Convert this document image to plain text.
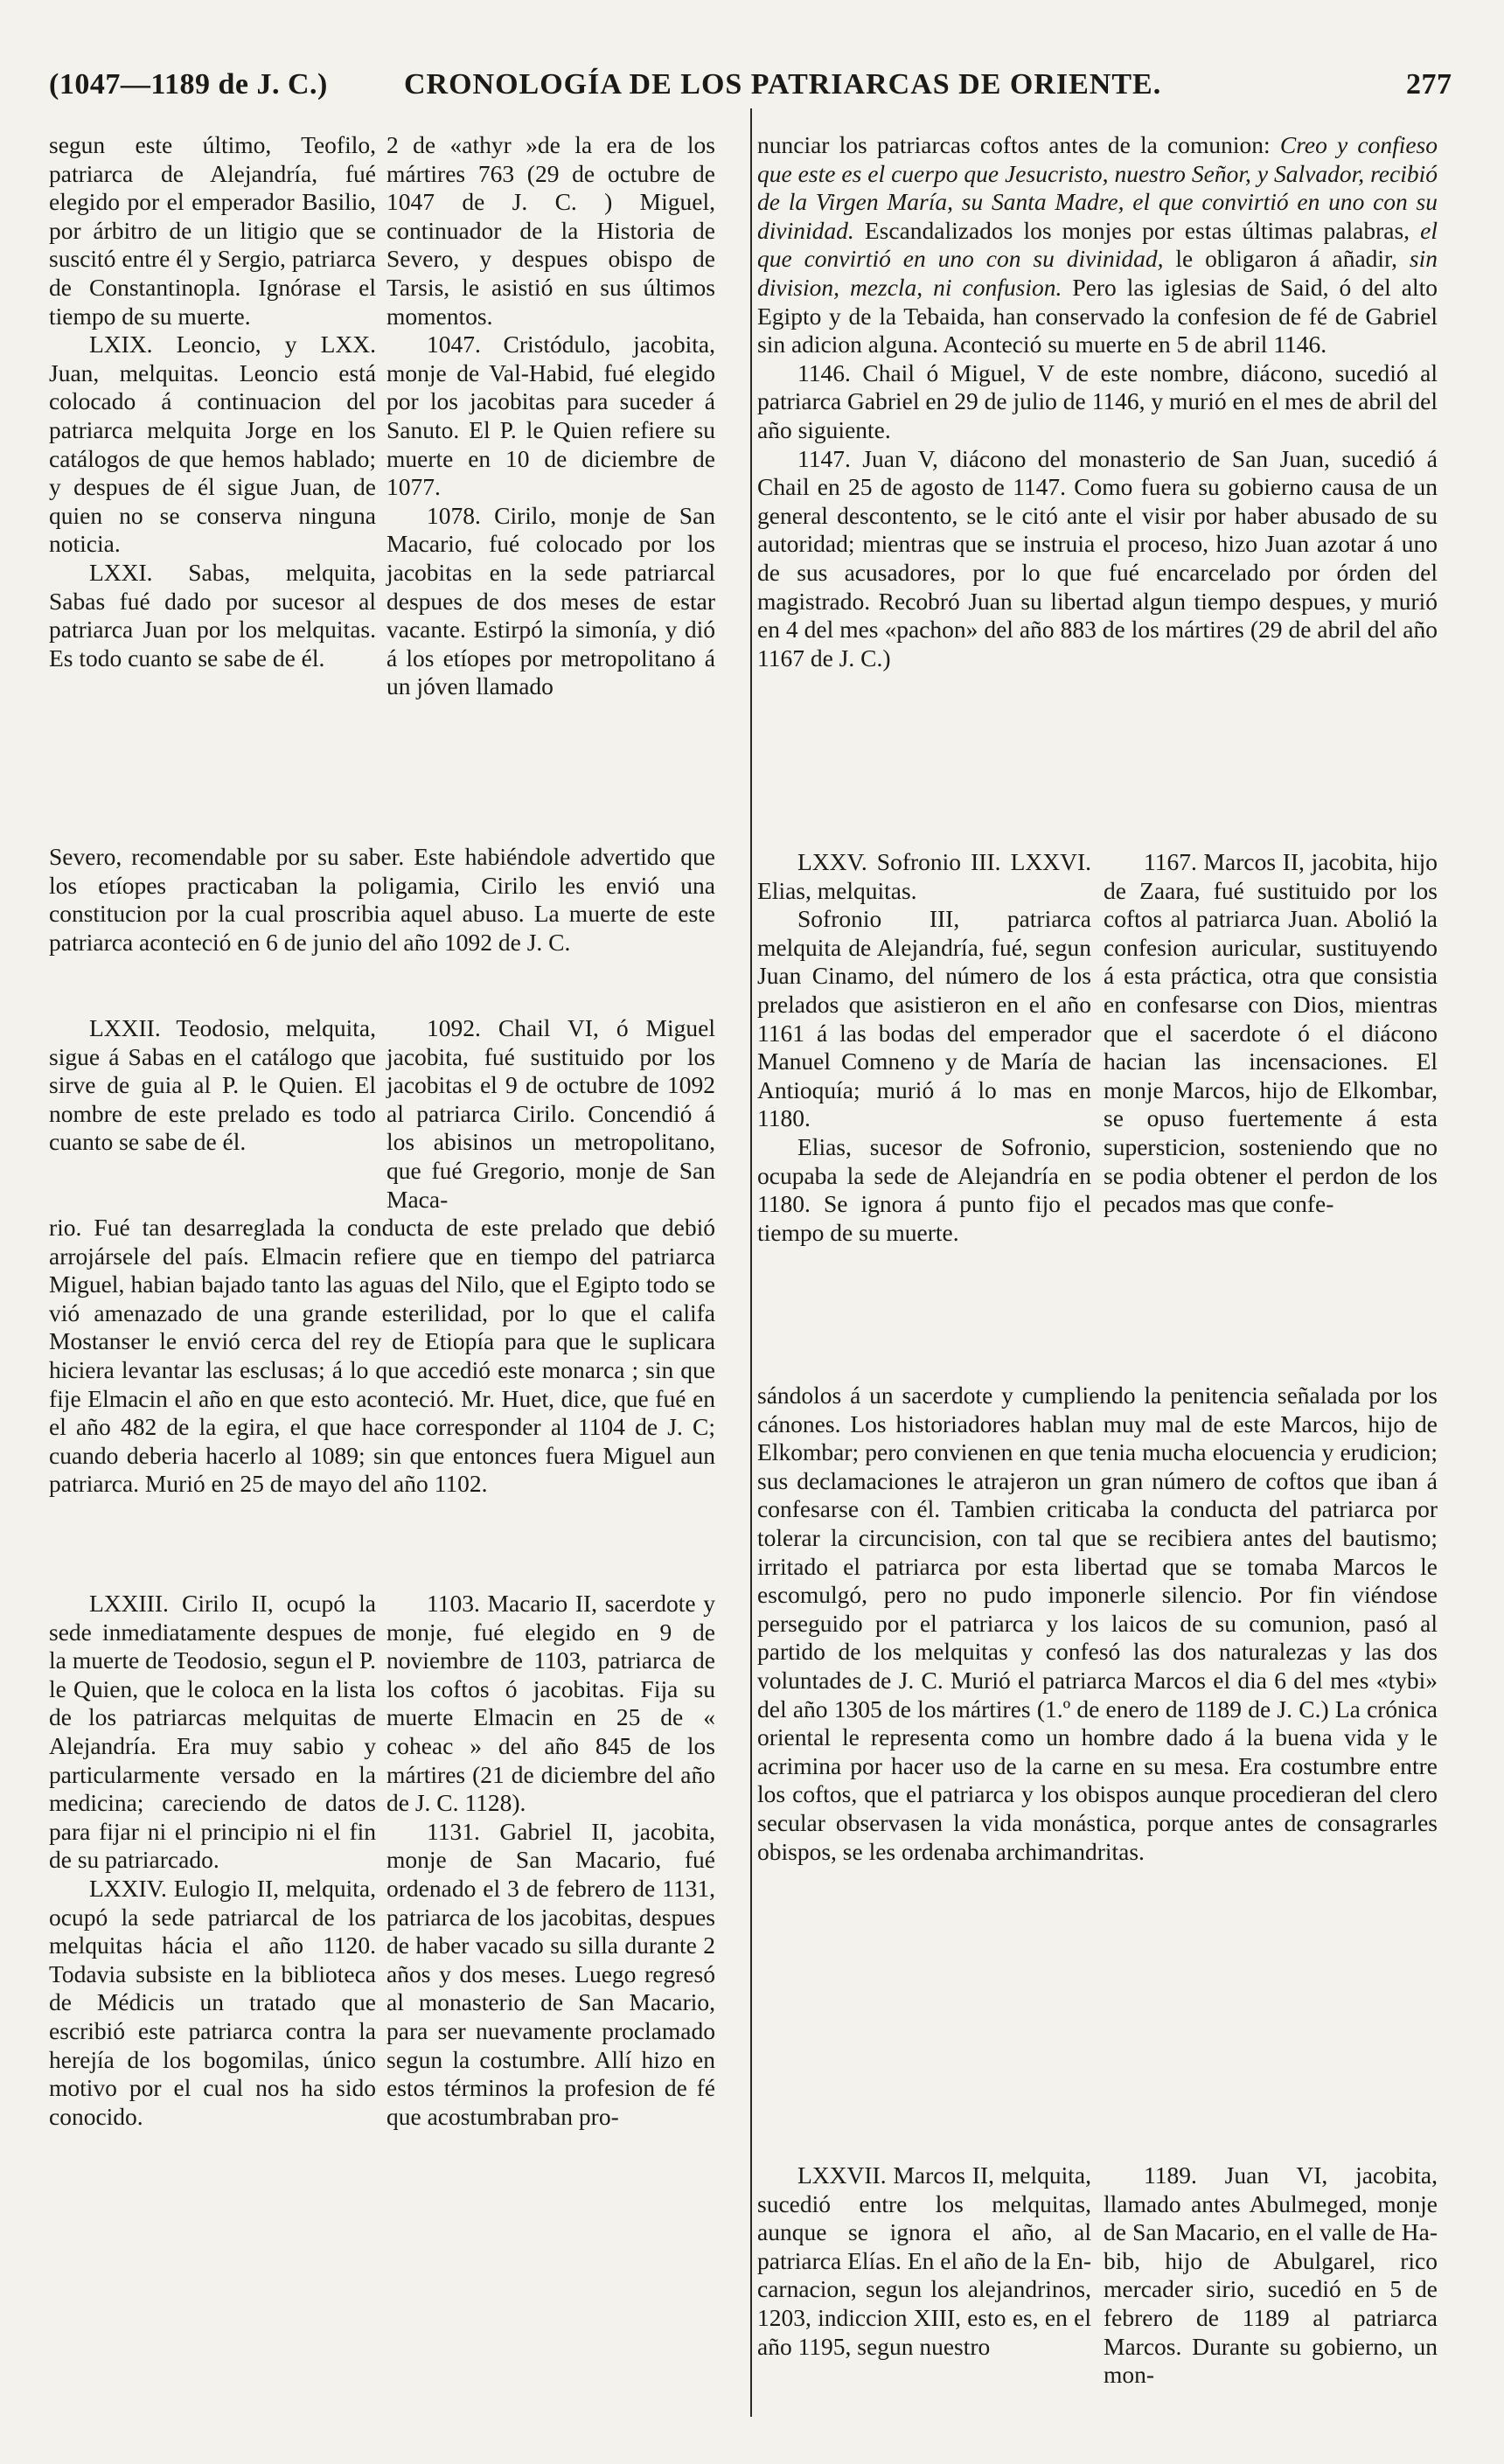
(1047—1189 de J. C.)	CRONOLOGÍA DE LOS PATRIARCAS DE ORIENTE.	277

segun este último, Teofilo, patriarca de Alejandría, fué elegido por el emperador Basilio, por árbitro de un litigio que se suscitó entre él y Sergio, patriarca de Constantinopla. Ignórase el tiempo de su muerte.

LXIX. Leoncio, y LXX. Juan, melquitas. Leoncio está colocado á continuacion del patriarca melquita Jorge en los catálogos de que hemos hablado; y despues de él sigue Juan, de quien no se conserva ninguna noticia.

LXXI. Sabas, melquita, Sabas fué dado por sucesor al patriarca Juan por los melquitas. Es todo cuanto se sabe de él.

2 de «athyr »de la era de los mártires 763 (29 de octubre de 1047 de J. C. ) Miguel, continuador de la Historia de Severo, y despues obispo de Tarsis, le asistió en sus últimos momentos.

1047. Cristódulo, jacobita, monje de Val-Habid, fué elegido por los jacobitas para suceder á Sanuto. El P. le Quien refiere su muerte en 10 de diciembre de 1077.

1078. Cirilo, monje de San Macario, fué colocado por los jacobitas en la sede patriarcal despues de dos meses de estar vacante. Estirpó la simonía, y dió á los etíopes por metropolitano á un jóven llamado

Severo, recomendable por su saber. Este habiéndole advertido que los etíopes practicaban la poligamia, Cirilo les envió una constitucion por la cual proscribia aquel abuso. La muerte de este patriarca aconteció en 6 de junio del año 1092 de J. C.

LXXII. Teodosio, melquita, sigue á Sabas en el catálogo que sirve de guia al P. le Quien. El nombre de este prelado es todo cuanto se sabe de él.

1092. Chail VI, ó Miguel jacobita, fué sustituido por los jacobitas el 9 de octubre de 1092 al patriarca Cirilo. Concendió á los abisinos un metropolitano, que fué Gregorio, monje de San Maca-

rio. Fué tan desarreglada la conducta de este prelado que debió arrojársele del país. Elmacin refiere que en tiempo del patriarca Miguel, habian bajado tanto las aguas del Nilo, que el Egipto todo se vió amenazado de una grande esterilidad, por lo que el califa Mostanser le envió cerca del rey de Etiopía para que le suplicara hiciera levantar las esclusas; á lo que accedió este monarca ; sin que fije Elmacin el año en que esto aconteció. Mr. Huet, dice, que fué en el año 482 de la egira, el que hace corresponder al 1104 de J. C; cuando deberia hacerlo al 1089; sin que entonces fuera Miguel aun patriarca. Murió en 25 de mayo del año 1102.

LXXIII. Cirilo II, ocupó la sede inmediatamente despues de la muerte de Teodosio, segun el P. le Quien, que le coloca en la lista de los patriarcas melquitas de Alejandría. Era muy sabio y particularmente versado en la medicina; careciendo de datos para fijar ni el principio ni el fin de su patriarcado.

LXXIV. Eulogio II, melquita, ocupó la sede patriarcal de los melquitas hácia el año 1120. Todavia subsiste en la biblioteca de Médicis un tratado que escribió este patriarca contra la herejía de los bogomilas, único motivo por el cual nos ha sido conocido.

1103. Macario II, sacerdote y monje, fué elegido en 9 de noviembre de 1103, patriarca de los coftos ó jacobitas. Fija su muerte Elmacin en 25 de « coheac » del año 845 de los mártires (21 de diciembre del año de J. C. 1128).

1131. Gabriel II, jacobita, monje de San Macario, fué ordenado el 3 de febrero de 1131, patriarca de los jacobitas, despues de haber vacado su silla durante 2 años y dos meses. Luego regresó al monasterio de San Macario, para ser nuevamente proclamado segun la costumbre. Allí hizo en estos términos la profesion de fé que acostumbraban pro-

nunciar los patriarcas coftos antes de la comunion: Creo y confieso que este es el cuerpo que Jesucristo, nuestro Señor, y Salvador, recibió de la Virgen María, su Santa Madre, el que convirtió en uno con su divinidad. Escandalizados los monjes por estas últimas palabras, el que convirtió en uno con su divinidad, le obligaron á añadir, sin division, mezcla, ni confusion. Pero las iglesias de Said, ó del alto Egipto y de la Tebaida, han conservado la confesion de fé de Gabriel sin adicion alguna. Aconteció su muerte en 5 de abril 1146.

1146. Chail ó Miguel, V de este nombre, diácono, sucedió al patriarca Gabriel en 29 de julio de 1146, y murió en el mes de abril del año siguiente.

1147. Juan V, diácono del monasterio de San Juan, sucedió á Chail en 25 de agosto de 1147. Como fuera su gobierno causa de un general descontento, se le citó ante el visir por haber abusado de su autoridad; mientras que se instruia el proceso, hizo Juan azotar á uno de sus acusadores, por lo que fué encarcelado por órden del magistrado. Recobró Juan su libertad algun tiempo despues, y murió en 4 del mes «pachon» del año 883 de los mártires (29 de abril del año 1167 de J. C.)

LXXV. Sofronio III. LXXVI. Elias, melquitas.

Sofronio III, patriarca melquita de Alejandría, fué, segun Juan Cinamo, del número de los prelados que asistieron en el año 1161 á las bodas del emperador Manuel Comneno y de María de Antioquía; murió á lo mas en 1180.

Elias, sucesor de Sofronio, ocupaba la sede de Alejandría en 1180. Se ignora á punto fijo el tiempo de su muerte.

1167. Marcos II, jacobita, hijo de Zaara, fué sustituido por los coftos al patriarca Juan. Abolió la confesion auricular, sustituyendo á esta práctica, otra que consistia en confesarse con Dios, mientras que el sacerdote ó el diácono hacian las incensaciones. El monje Marcos, hijo de Elkombar, se opuso fuertemente á esta supersticion, sosteniendo que no se podia obtener el perdon de los pecados mas que confe-

sándolos á un sacerdote y cumpliendo la penitencia señalada por los cánones. Los historiadores hablan muy mal de este Marcos, hijo de Elkombar; pero convienen en que tenia mucha elocuencia y erudicion; sus declamaciones le atrajeron un gran número de coftos que iban á confesarse con él. Tambien criticaba la conducta del patriarca por tolerar la circuncision, con tal que se recibiera antes del bautismo; irritado el patriarca por esta libertad que se tomaba Marcos le escomulgó, pero no pudo imponerle silencio. Por fin viéndose perseguido por el patriarca y los laicos de su comunion, pasó al partido de los melquitas y confesó las dos naturalezas y las dos voluntades de J. C. Murió el patriarca Marcos el dia 6 del mes «tybi» del año 1305 de los mártires (1.º de enero de 1189 de J. C.) La crónica oriental le representa como un hombre dado á la buena vida y le acrimina por hacer uso de la carne en su mesa. Era costumbre entre los coftos, que el patriarca y los obispos aunque procedieran del clero secular observasen la vida monástica, porque antes de consagrarles obispos, se les ordenaba archimandritas.

LXXVII. Marcos II, melquita, sucedió entre los melquitas, aunque se ignora el año, al patriarca Elías. En el año de la Encarnacion, segun los alejandrinos, 1203, indiccion XIII, esto es, en el año 1195, segun nuestro

1189. Juan VI, jacobita, llamado antes Abulmeged, monje de San Macario, en el valle de Habib, hijo de Abulgarel, rico mercader sirio, sucedió en 5 de febrero de 1189 al patriarca Marcos. Durante su gobierno, un mon-
